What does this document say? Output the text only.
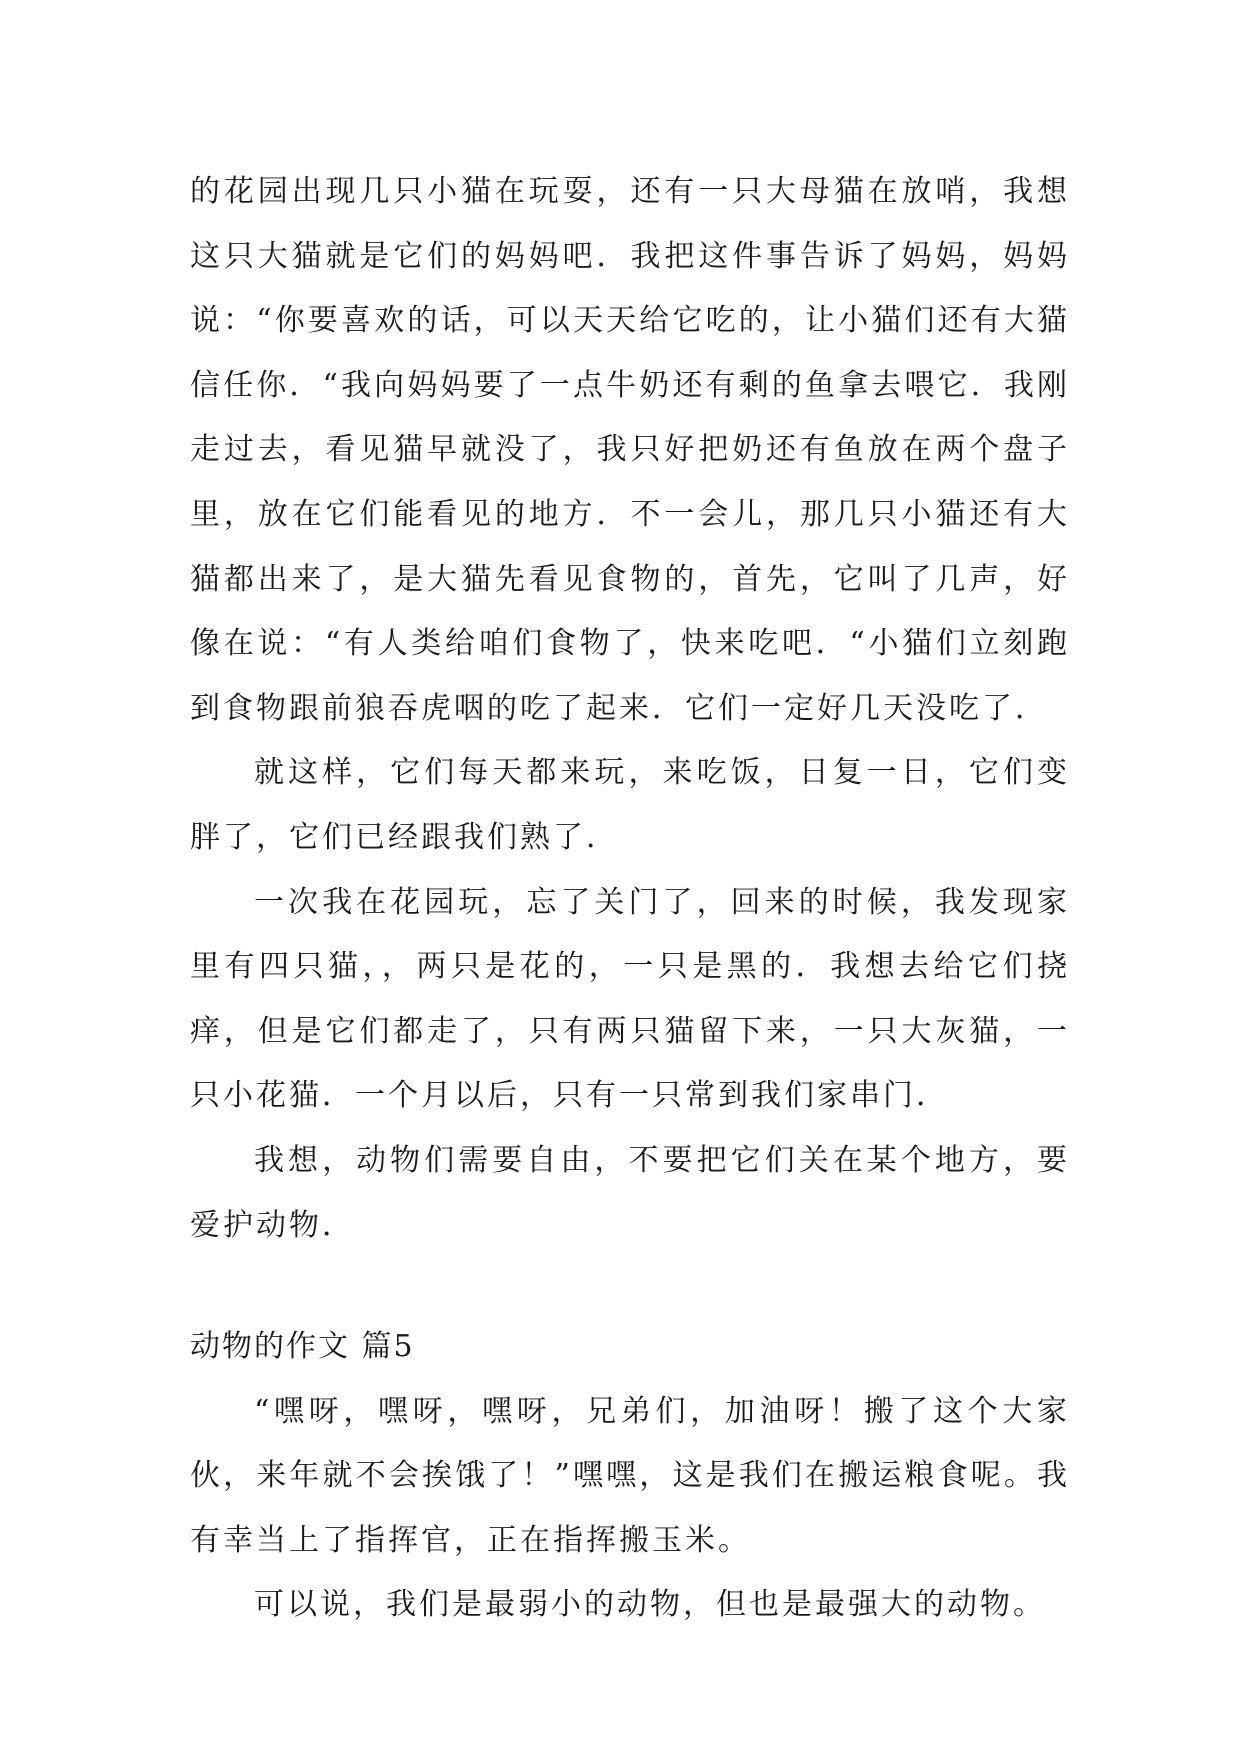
的花园出现几只小猫在玩耍，还有一只大母猫在放哨，我想这只大猫就是它们的妈妈吧．我把这件事告诉了妈妈，妈妈说：“你要喜欢的话，可以天天给它吃的，让小猫们还有大猫信任你．“我向妈妈要了一点牛奶还有剩的鱼拿去喂它．我刚走过去，看见猫早就没了，我只好把奶还有鱼放在两个盘子里，放在它们能看见的地方．不一会儿，那几只小猫还有大猫都出来了，是大猫先看见食物的，首先，它叫了几声，好像在说：“有人类给咱们食物了，快来吃吧．“小猫们立刻跑到食物跟前狼吞虎咽的吃了起来．它们一定好几天没吃了．

就这样，它们每天都来玩，来吃饭，日复一日，它们变胖了，它们已经跟我们熟了．

一次我在花园玩，忘了关门了，回来的时候，我发现家里有四只猫，，两只是花的，一只是黑的．我想去给它们挠痒，但是它们都走了，只有两只猫留下来，一只大灰猫，一只小花猫．一个月以后，只有一只常到我们家串门．

我想，动物们需要自由，不要把它们关在某个地方，要爱护动物．

动物的作文 篇5

“嘿呀，嘿呀，嘿呀，兄弟们，加油呀！搬了这个大家伙，来年就不会挨饿了！”嘿嘿，这是我们在搬运粮食呢。我有幸当上了指挥官，正在指挥搬玉米。

可以说，我们是最弱小的动物，但也是最强大的动物。
